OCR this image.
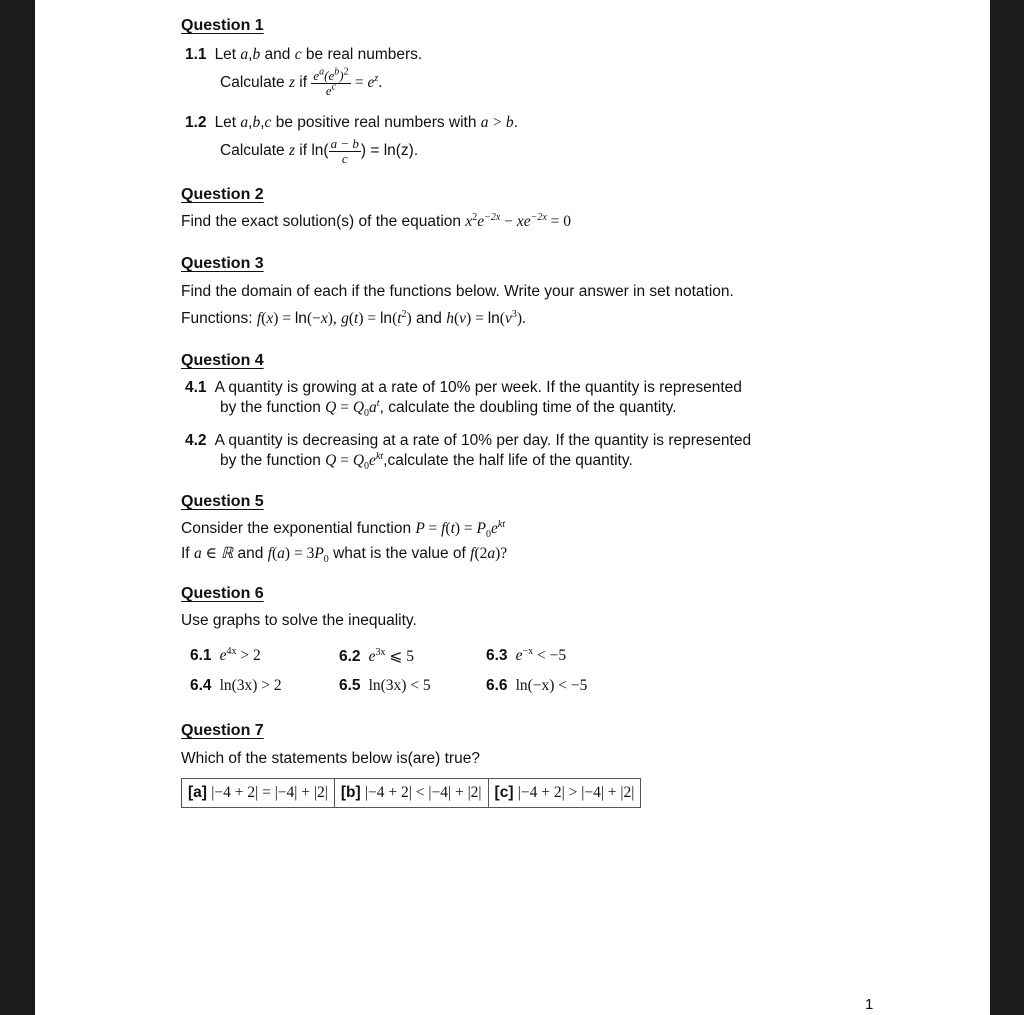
Question 1
1.1 Let a,b and c be real numbers.
Calculate z if $\frac{e^a(e^b)^2}{e^c} = e^z$.
1.2 Let a,b,c be positive real numbers with a > b.
Calculate z if $\ln( \frac{a - b}{c}$ ) = ln(z).
Question 2
Find the exact solution(s) of the equation $x^2e^{-2x} - xe^{-2x} = 0$
Question 3
Find the domain of each if the functions below. Write your answer in set notation.
Functions: f(x) = ln(−x), $g(t) = \ln(t^2)$ and $h(v) = \ln(v^3)$.
Question 4
4.1 A quantity is growing at a rate of 10% per week. If the quantity is represented
by the function $Q = Q_0a^t$, calculate the doubling time of the quantity.
4.2 A quantity is decreasing at a rate of 10% per day. If the quantity is represented
by the function $Q = Q_0e^{kt},calculate$ the half life of the quantity.
Question 5
Consider the exponential function $P = f(t) = P_0e^{kt}$
If a ∈ ℝ and $f(a) = 3P_0$ what is the value of f(2a)?
Question 6
Use graphs to solve the inequality.
6.1 $e^{4x} > 2$	6.2 $e^{3x}$ ⩽ 5	6.3 $e^{-x} < -5$
6.4 ln(3x) > 2	6.5 ln(3x) < 5	6.6 ln(−x) < −5
Question 7
Which of the statements below is(are) true?
[a] |−4 + 2| = |−4| + |2| [b] |−4 + 2| < |−4| + |2| [c] |−4 + 2| > |−4| + |2|
1
